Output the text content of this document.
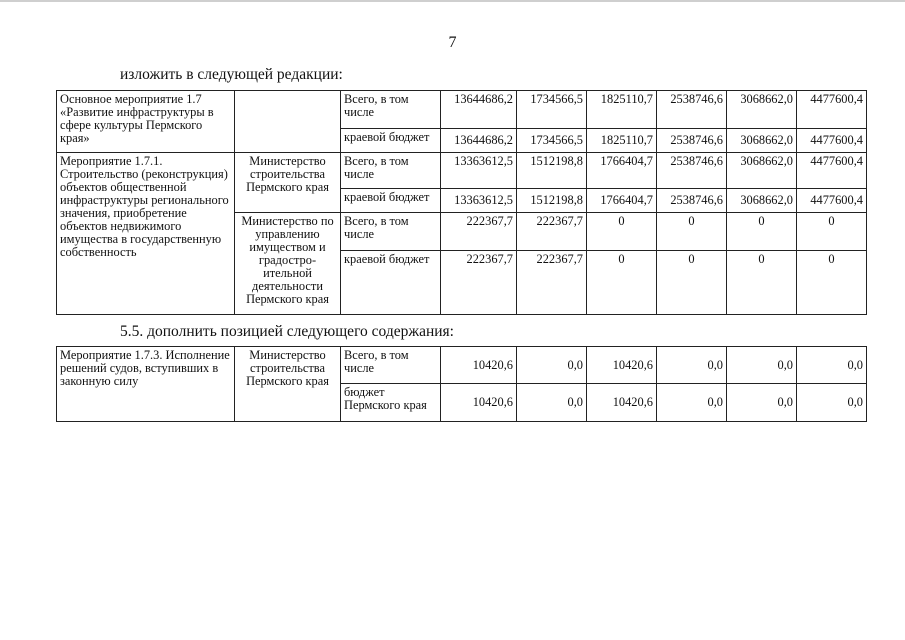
7
изложить в следующей редакции:
Основное мероприятие 1.7 «Развитие инфраструктуры в сфере культуры Пермского края»		Всего, в том числе	13644686,2	1734566,5	1825110,7	2538746,6	3068662,0	4477600,4
		краевой бюджет	13644686,2	1734566,5	1825110,7	2538746,6	3068662,0	4477600,4
Мероприятие 1.7.1. Строительство (реконструкция) объектов общественной инфраструктуры регионального значения, приобретение объектов недвижимого имущества в государственную собственность	Министерство строительства Пермского края	Всего, в том числе	13363612,5	1512198,8	1766404,7	2538746,6	3068662,0	4477600,4
		краевой бюджет	13363612,5	1512198,8	1766404,7	2538746,6	3068662,0	4477600,4
	Министерство по управлению имуществом и градостро-ительной деятельности Пермского края	Всего, в том числе	222367,7	222367,7	0	0	0	0
		краевой бюджет	222367,7	222367,7	0	0	0	0
5.5. дополнить позицией следующего содержания:
Мероприятие 1.7.3. Исполнение решений судов, вступивших в законную силу	Министерство строительства Пермского края	Всего, в том числе	10420,6	0,0	10420,6	0,0	0,0	0,0
		бюджет Пермского края	10420,6	0,0	10420,6	0,0	0,0	0,0
